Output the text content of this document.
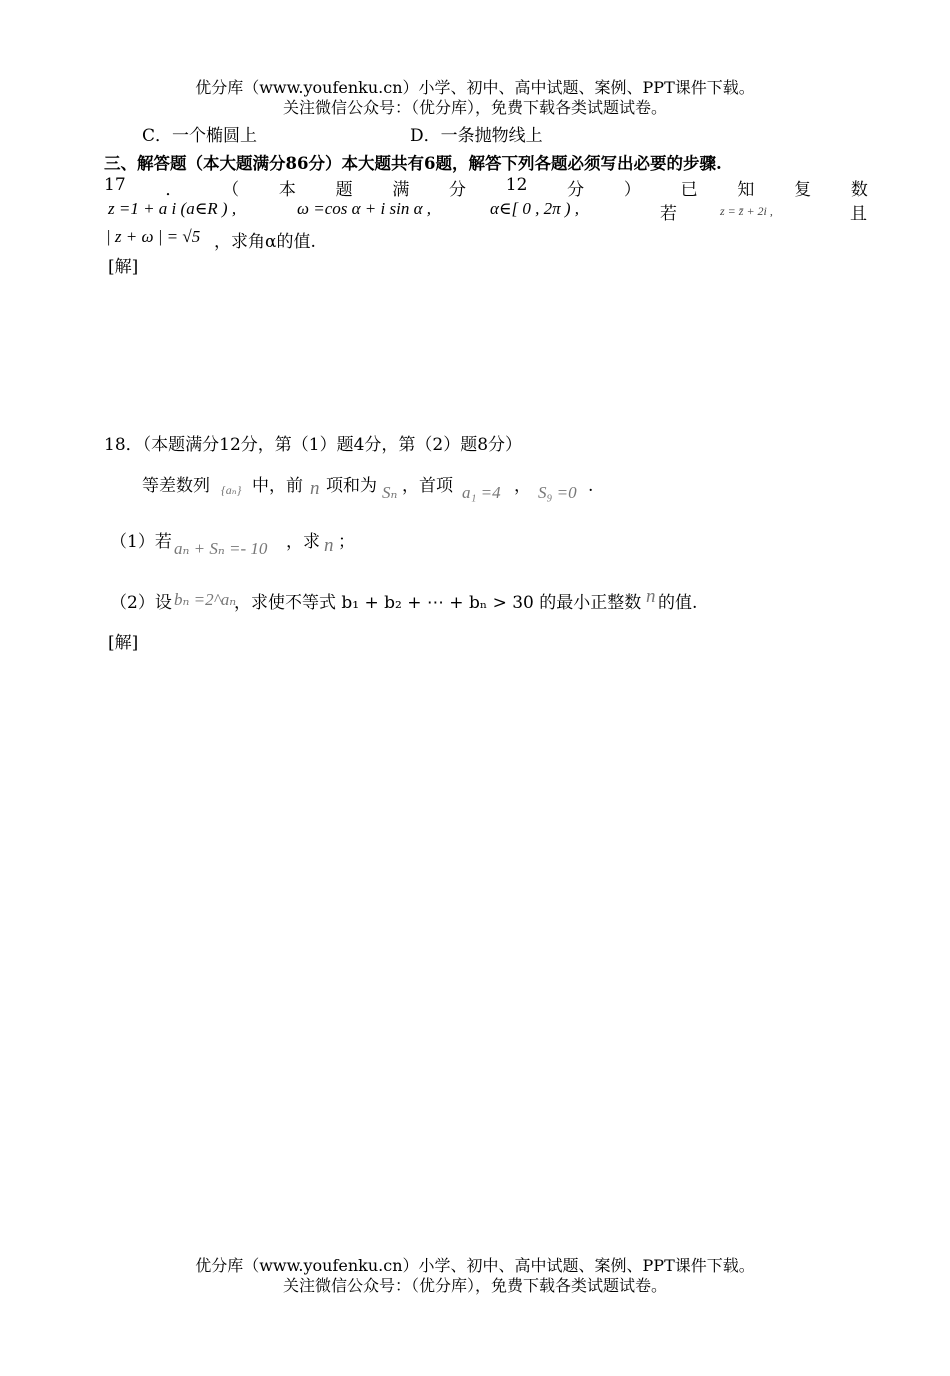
优分库（www.youfenku.cn）小学、初中、高中试题、案例、PPT课件下载。
关注微信公众号：（优分库），免费下载各类试题试卷。
C．一个椭圆上	D．一条抛物线上
三、解答题（本大题满分86分）本大题共有6题，解答下列各题必须写出必要的步骤.
17 ． （ 本 题 满 分 12 分 ） 已 知 复 数
z =1 + a i (a∈R ) ,	ω =cos α + i sin α ,	α∈[ 0 , 2π ) ,	若	z = z̄ + 2i ,	且
| z + ω | = √5 ，求角α的值.
[解]
18．（本题满分12分，第（1）题4分，第（2）题8分）
等差数列 {aₙ} 中，前 n 项和为 Sₙ ，首项 a₁ =4 ， S₉ =0 .
（1）若 aₙ + Sₙ =- 10 ，求 n ；
（2）设 bₙ =2^aₙ
，求使不等式 b₁ + b₂ + ⋯ + bₙ > 30 的最小正整数 n 的值.
[解]
优分库（www.youfenku.cn）小学、初中、高中试题、案例、PPT课件下载。
关注微信公众号：（优分库），免费下载各类试题试卷。
